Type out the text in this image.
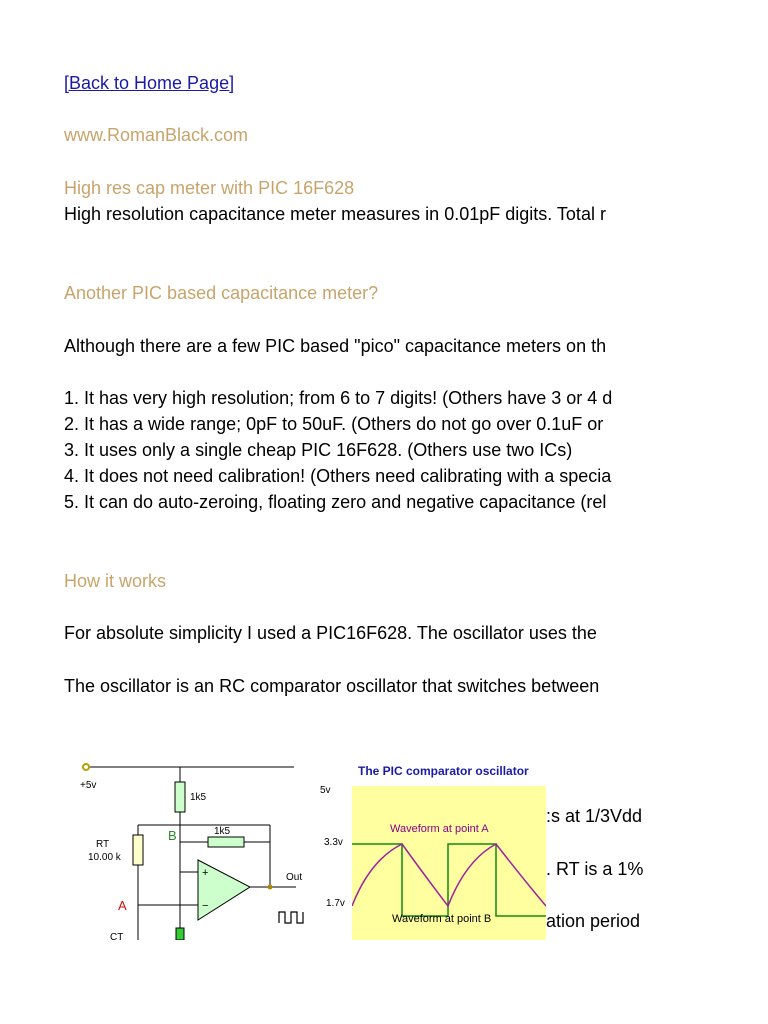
[Back to Home Page]
www.RomanBlack.com
High res cap meter with PIC 16F628
High resolution capacitance meter measures in 0.01pF digits. Total r
Another PIC based capacitance meter?
Although there are a few PIC based "pico" capacitance meters on th
1. It has very high resolution; from 6 to 7 digits! (Others have 3 or 4 d
2. It has a wide range; 0pF to 50uF. (Others do not go over 0.1uF or
3. It uses only a single cheap PIC 16F628. (Others use two ICs)
4. It does not need calibration! (Others need calibrating with a specia
5. It can do auto-zeroing, floating zero and negative capacitance (rel
How it works
For absolute simplicity I used a PIC16F628. The oscillator uses the
The oscillator is an RC comparator oscillator that switches between
:s at 1/3Vdd
. RT is a 1%
ation period
+5v
1k5
1k5
RT
10.00 k
Out
CT
B
A
+
−
The PIC comparator oscillator
Waveform at point A
Waveform at point B
5v
3.3v
1.7v
